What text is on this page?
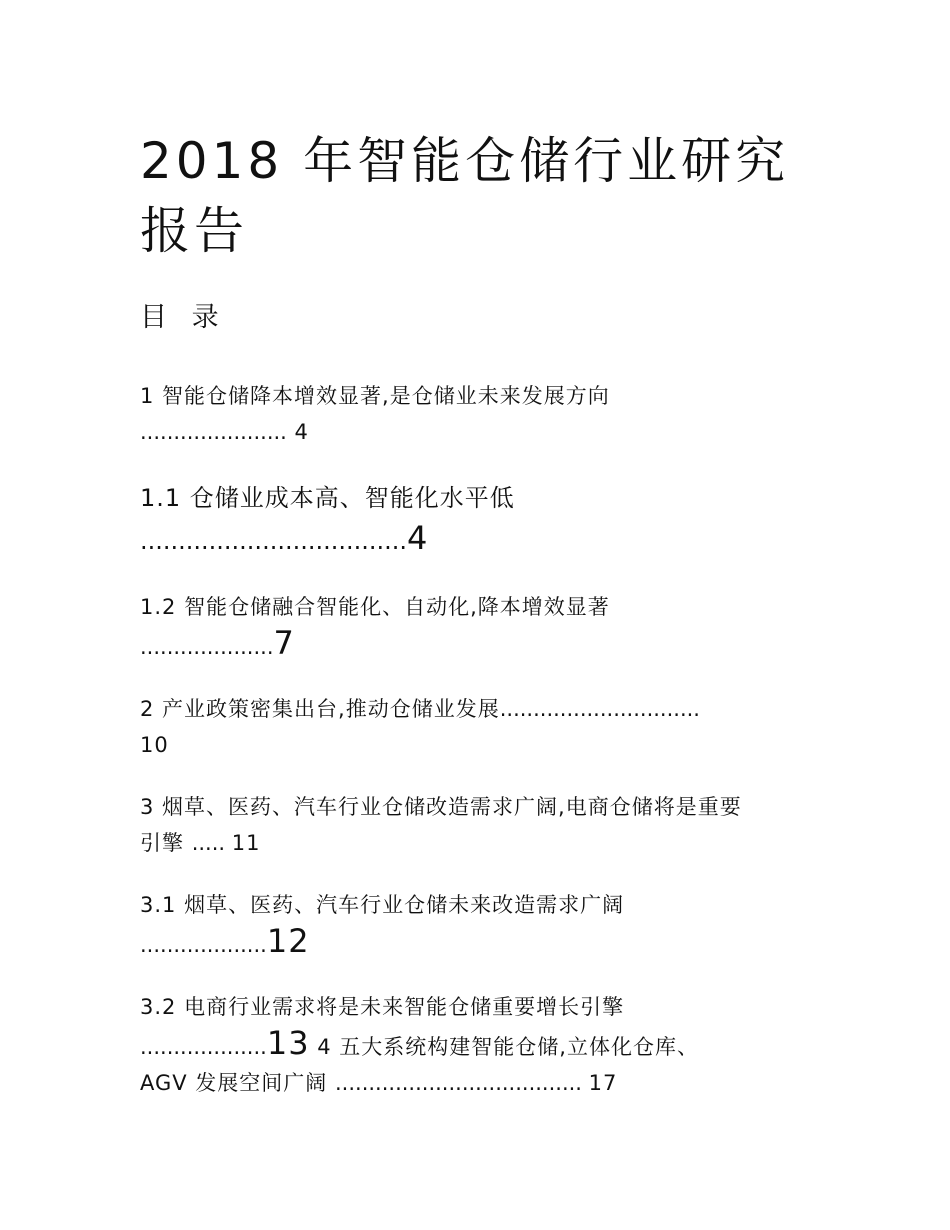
2018 年智能仓储行业研究报告
目 录
1 智能仓储降本增效显著,是仓储业未来发展方向
...................... 4
1.1 仓储业成本高、智能化水平低
...................................4
1.2 智能仓储融合智能化、自动化,降本增效显著
....................7
2 产业政策密集出台,推动仓储业发展..............................
10
3 烟草、医药、汽车行业仓储改造需求广阔,电商仓储将是重要
引擎 ..... 11
3.1 烟草、医药、汽车行业仓储未来改造需求广阔
...................12
3.2 电商行业需求将是未来智能仓储重要增长引擎
...................13 4 五大系统构建智能仓储,立体化仓库、
AGV 发展空间广阔 ..................................... 17
